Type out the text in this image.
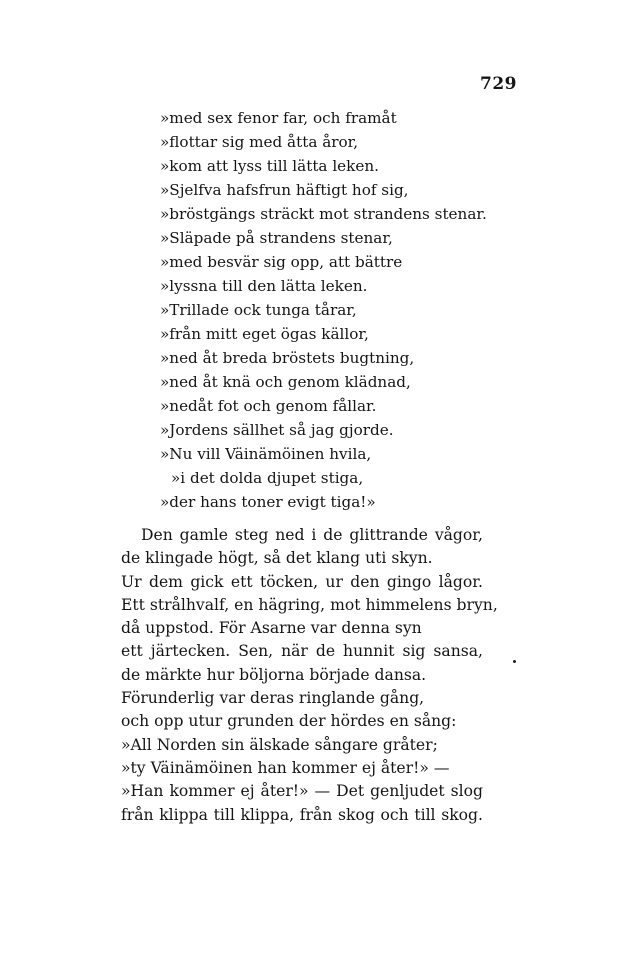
729
»med sex fenor far, och framåt
»flottar sig med åtta åror,
»kom att lyss till lätta leken.
»Sjelfva hafsfrun häftigt hof sig,
»bröstgängs sträckt mot strandens stenar.
»Släpade på strandens stenar,
»med besvär sig opp, att bättre
»lyssna till den lätta leken.
»Trillade ock tunga tårar,
»från mitt eget ögas källor,
»ned åt breda bröstets bugtning,
»ned åt knä och genom klädnad,
»nedåt fot och genom fållar.
»Jordens sällhet så jag gjorde.
»Nu vill Väinämöinen hvila,
»i det dolda djupet stiga,
»der hans toner evigt tiga!»
Den gamle steg ned i de glittrande vågor,
de klingade högt, så det klang uti skyn.
Ur dem gick ett töcken, ur den gingo lågor.
Ett strålhvalf, en hägring, mot himmelens bryn,
då uppstod. För Asarne var denna syn
ett järtecken. Sen, när de hunnit sig sansa,
de märkte hur böljorna började dansa.
Förunderlig var deras ringlande gång,
och opp utur grunden der hördes en sång:
»All Norden sin älskade sångare gråter;
»ty Väinämöinen han kommer ej åter!» —
»Han kommer ej åter!» — Det genljudet slog
från klippa till klippa, från skog och till skog.
